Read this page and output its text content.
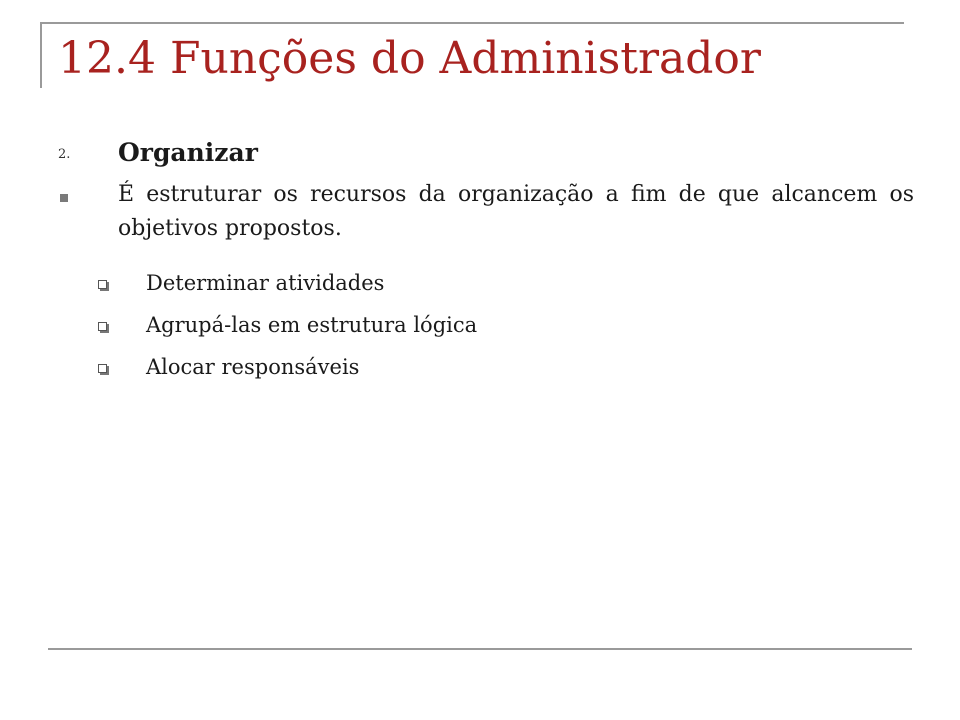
12.4 Funções do Administrador
2.	Organizar
É estruturar os recursos da organização a fim de que alcancem os objetivos propostos.
Determinar atividades
Agrupá-las em estrutura lógica
Alocar responsáveis
